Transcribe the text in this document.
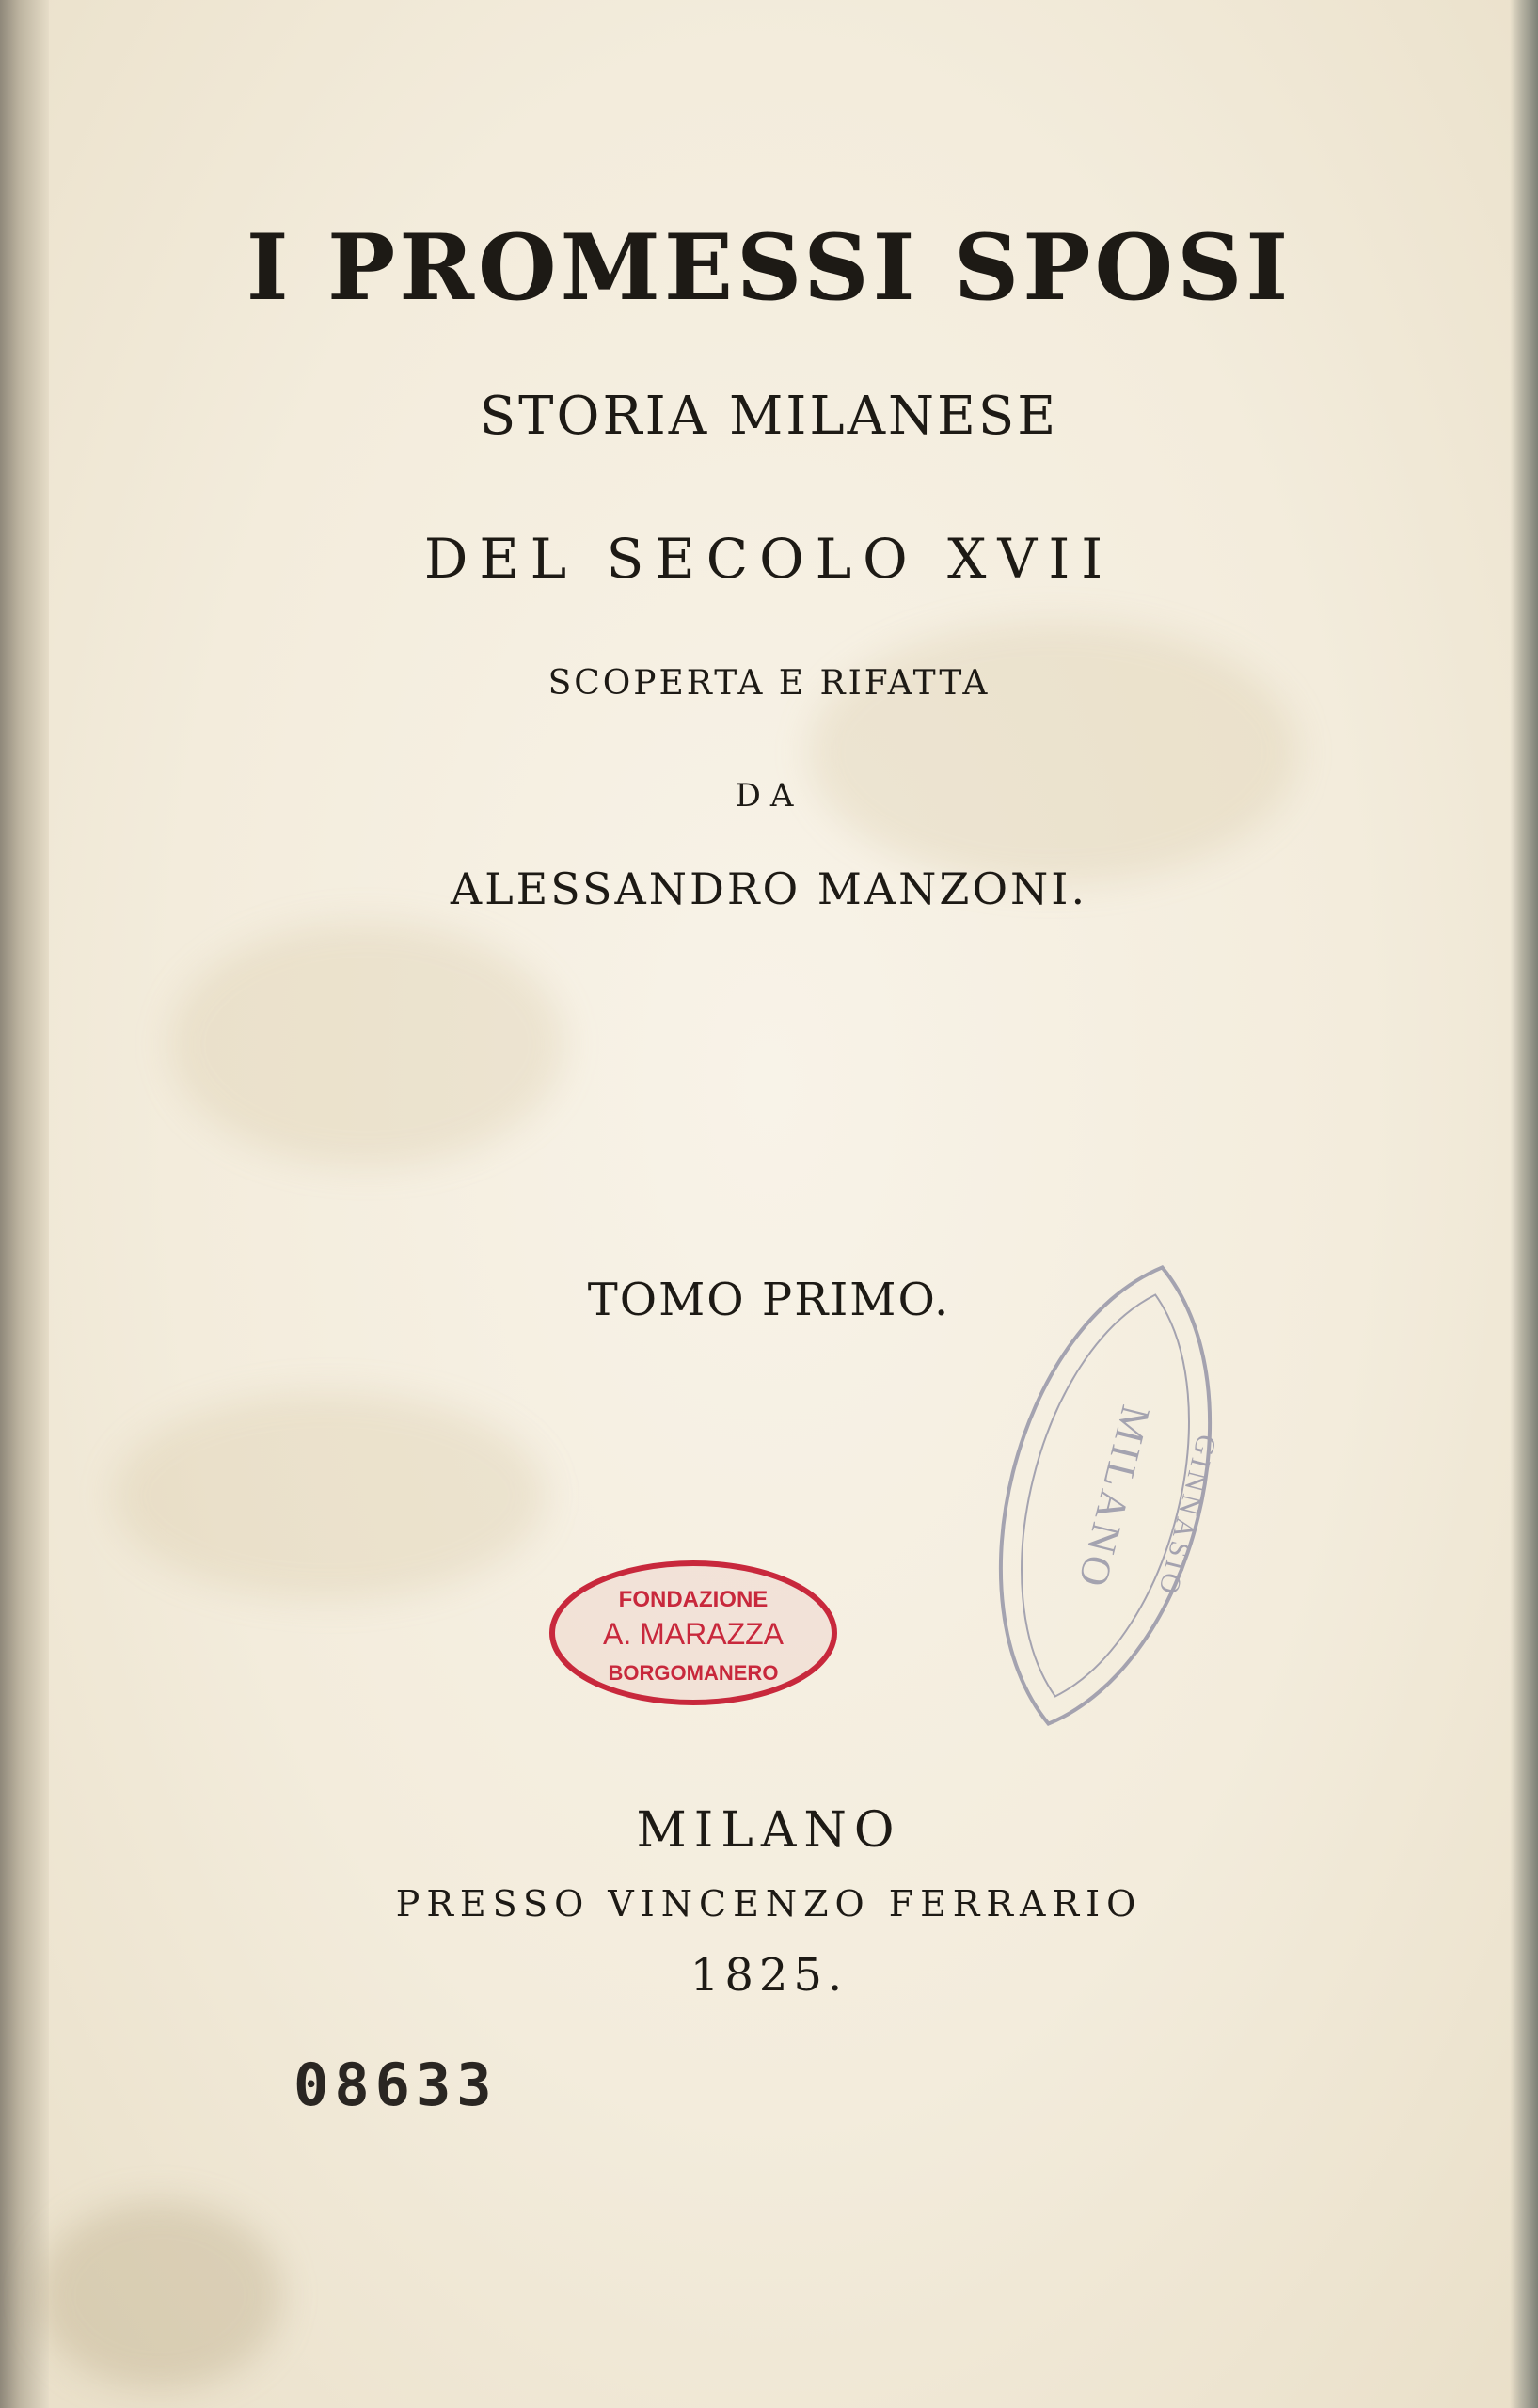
I PROMESSI SPOSI
STORIA MILANESE
DEL SECOLO XVII
SCOPERTA E RIFATTA
DA
ALESSANDRO MANZONI.
TOMO PRIMO.
MILANO
GINNASIO
FONDAZIONE
A. MARAZZA
BORGOMANERO
MILANO
PRESSO VINCENZO FERRARIO
1825.
08633
